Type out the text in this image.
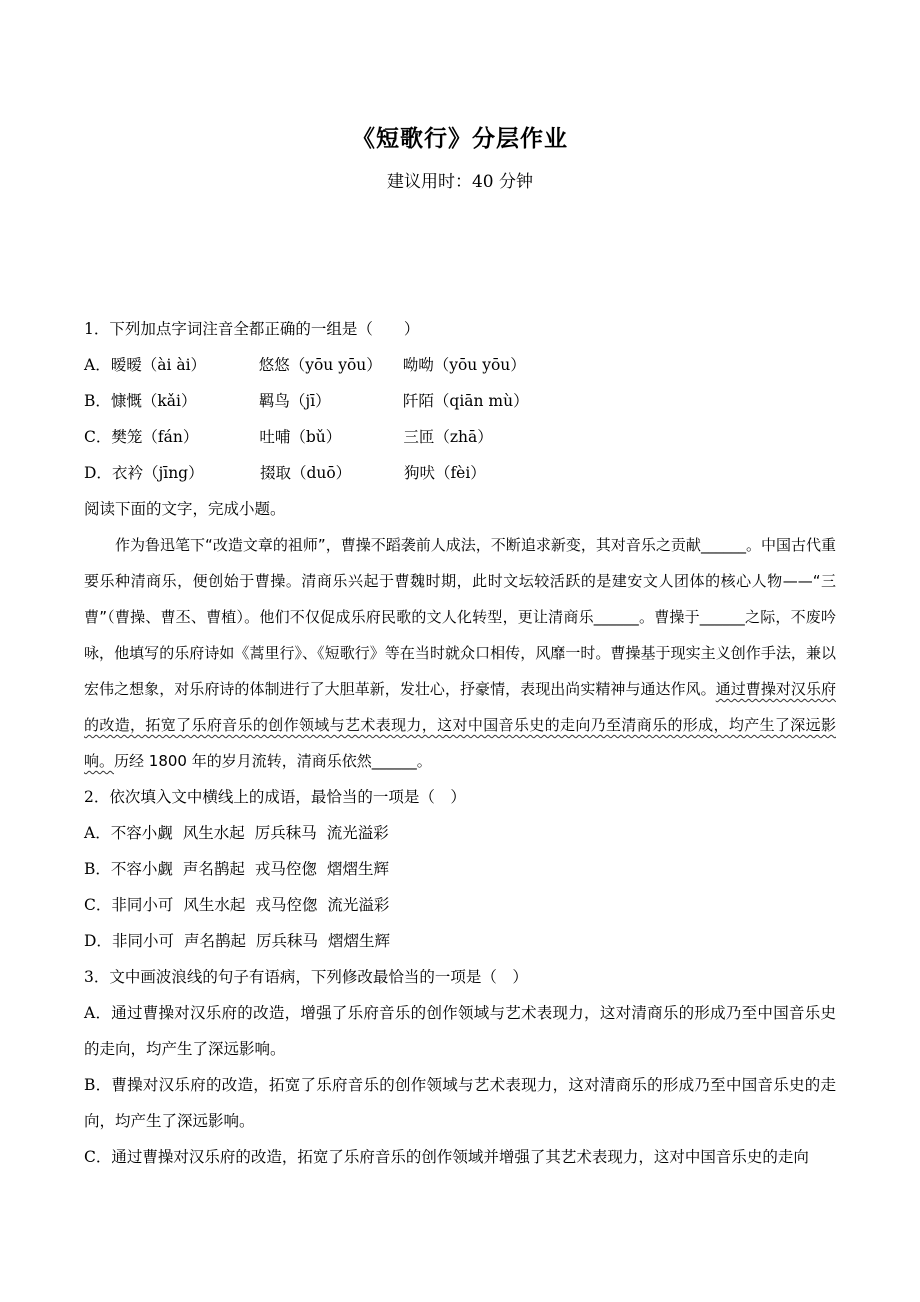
《短歌行》分层作业
建议用时：40 分钟
1．下列加点字词注音全都正确的一组是（　　）
A． 暧暧（ài ài）	悠悠（yōu yōu）	呦呦（yōu yōu）
B． 慷慨（kǎi）	羁鸟（jī）	阡陌（qiān mù）
C． 樊笼（fán）	吐哺（bǔ）	三匝（zhā）
D． 衣衿（jīng）	掇取（duō）	狗吠（fèi）
阅读下面的文字，完成小题。

作为鲁迅笔下“改造文章的祖师”，曹操不蹈袭前人成法，不断追求新变，其对音乐之贡献______。中国古代重要乐种清商乐，便创始于曹操。清商乐兴起于曹魏时期，此时文坛较活跃的是建安文人团体的核心人物——“三曹”（曹操、曹丕、曹植）。他们不仅促成乐府民歌的文人化转型，更让清商乐______。曹操于______之际，不废吟咏，他填写的乐府诗如《蒿里行》、《短歌行》等在当时就众口相传，风靡一时。曹操基于现实主义创作手法，兼以宏伟之想象，对乐府诗的体制进行了大胆革新，发壮心，抒豪情，表现出尚实精神与通达作风。通过曹操对汉乐府的改造，拓宽了乐府音乐的创作领域与艺术表现力，这对中国音乐史的走向乃至清商乐的形成，均产生了深远影响。历经 1800 年的岁月流转，清商乐依然______。

2．依次填入文中横线上的成语，最恰当的一项是（　）
A．不容小觑 风生水起 厉兵秣马 流光溢彩
B．不容小觑 声名鹊起 戎马倥偬 熠熠生辉
C．非同小可 风生水起 戎马倥偬 流光溢彩
D．非同小可 声名鹊起 厉兵秣马 熠熠生辉
3．文中画波浪线的句子有语病，下列修改最恰当的一项是（　）

A．通过曹操对汉乐府的改造，增强了乐府音乐的创作领域与艺术表现力，这对清商乐的形成乃至中国音乐史的走向，均产生了深远影响。

B．曹操对汉乐府的改造，拓宽了乐府音乐的创作领域与艺术表现力，这对清商乐的形成乃至中国音乐史的走向，均产生了深远影响。

C．通过曹操对汉乐府的改造，拓宽了乐府音乐的创作领域并增强了其艺术表现力，这对中国音乐史的走向
